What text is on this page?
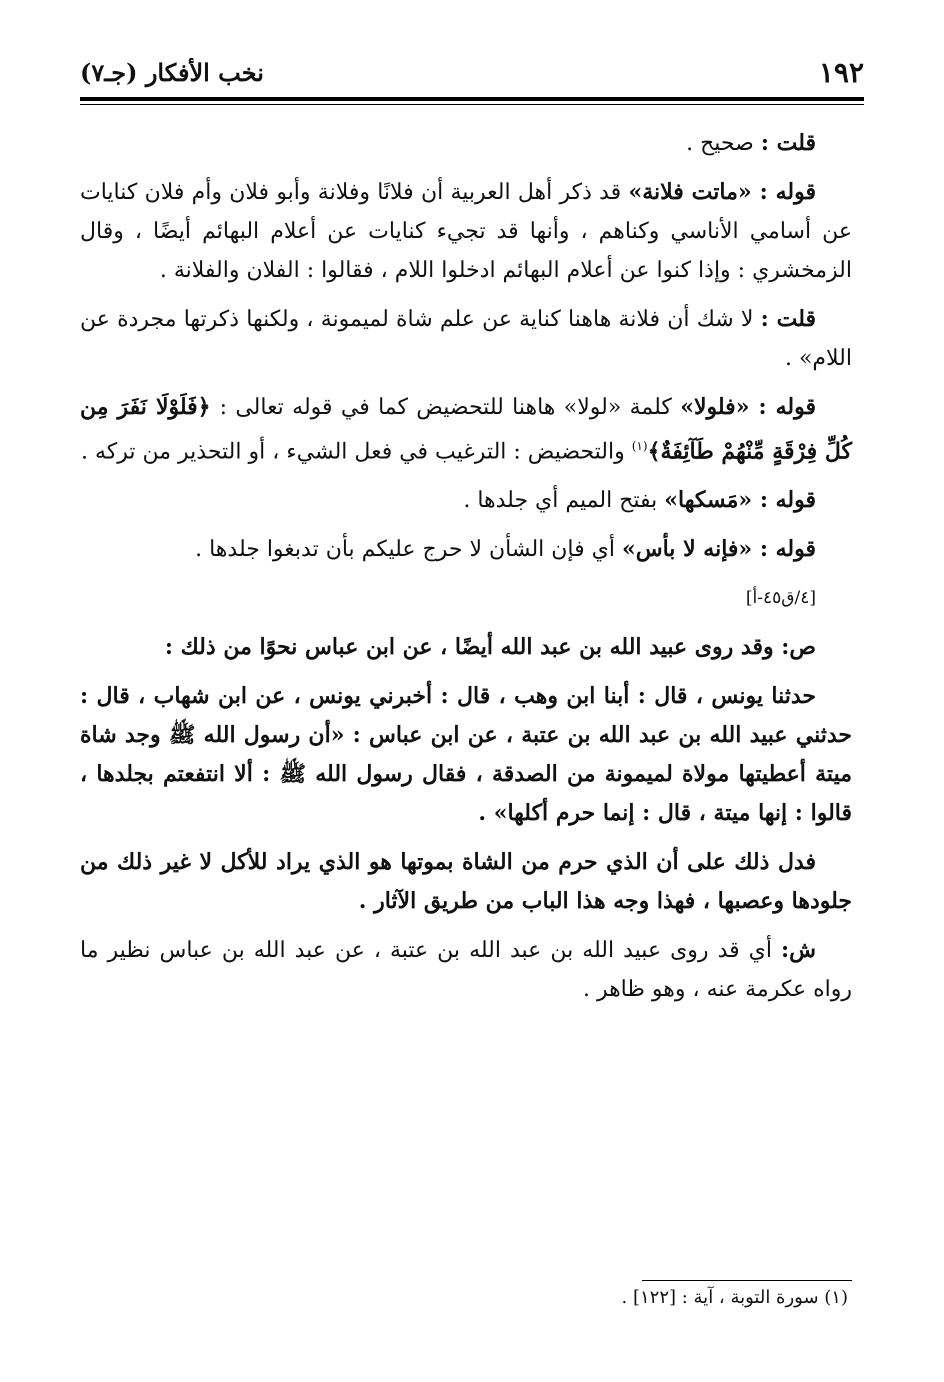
١٩٢
نخب الأفكار (جـ٧)

قلت : صحيح .

قوله : «ماتت فلانة» قد ذكر أهل العربية أن فلانًا وفلانة وأبو فلان وأم فلان كنايات عن أسامي الأناسي وكناهم ، وأنها قد تجيء كنايات عن أعلام البهائم أيضًا ، وقال الزمخشري : وإذا كنوا عن أعلام البهائم ادخلوا اللام ، فقالوا : الفلان والفلانة .

قلت : لا شك أن فلانة هاهنا كناية عن علم شاة لميمونة ، ولكنها ذكرتها مجردة عن اللام» .

قوله : «فلولا» كلمة «لولا» هاهنا للتحضيض كما في قوله تعالى : ﴿فَلَوْلَا نَفَرَ مِن كُلِّ فِرْقَةٍ مِّنْهُمْ طَآئِفَةٌ﴾$^{(١)}$ والتحضيض : الترغيب في فعل الشيء ، أو التحذير من تركه .

قوله : «مَسكها» بفتح الميم أي جلدها .

قوله : «فإنه لا بأس» أي فإن الشأن لا حرج عليكم بأن تدبغوا جلدها .

[٤/ق٤٥-أ]

ص: وقد روى عبيد الله بن عبد الله أيضًا ، عن ابن عباس نحوًا من ذلك :

حدثنا يونس ، قال : أبنا ابن وهب ، قال : أخبرني يونس ، عن ابن شهاب ، قال : حدثني عبيد الله بن عبد الله بن عتبة ، عن ابن عباس : «أن رسول الله ﷺ وجد شاة ميتة أعطيتها مولاة لميمونة من الصدقة ، فقال رسول الله ﷺ : ألا انتفعتم بجلدها ، قالوا : إنها ميتة ، قال : إنما حرم أكلها» .

فدل ذلك على أن الذي حرم من الشاة بموتها هو الذي يراد للأكل لا غير ذلك من جلودها وعصبها ، فهذا وجه هذا الباب من طريق الآثار .

ش: أي قد روى عبيد الله بن عبد الله بن عتبة ، عن عبد الله بن عباس نظير ما رواه عكرمة عنه ، وهو ظاهر .

(١) سورة التوبة ، آية : [١٢٢] .
